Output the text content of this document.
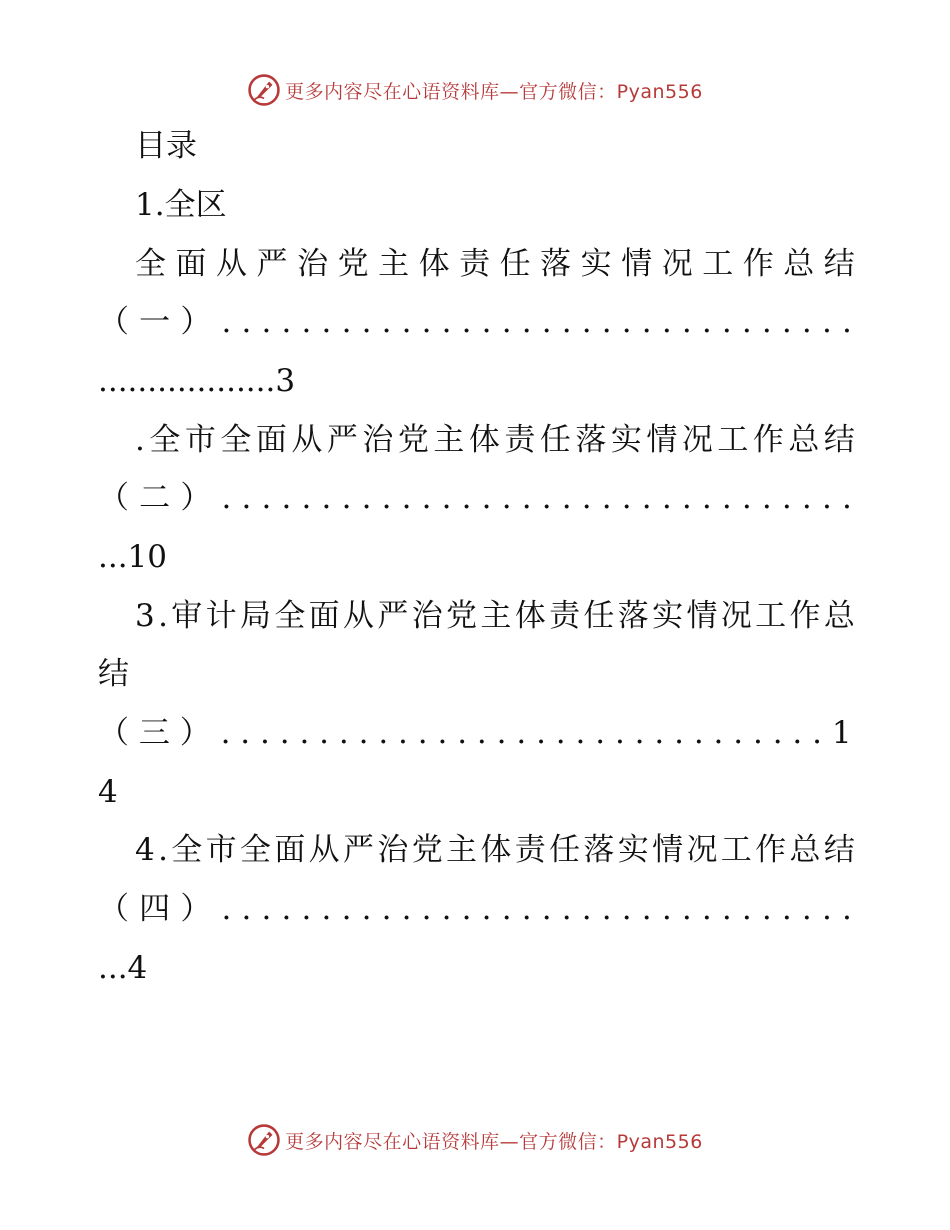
更多内容尽在心语资料库—官方微信：Pyan556
目录
1.全区
全 面 从 严 治 党 主 体 责 任 落 实 情 况 工 作 总 结
（ 一 ） . . . . . . . . . . . . . . . . . . . . . . . . . . . . . . . .
..................3
. 全 市 全 面 从 严 治 党 主 体 责 任 落 实 情 况 工 作 总 结
（ 二 ） . . . . . . . . . . . . . . . . . . . . . . . . . . . . . . . .
...10
3 . 审 计 局 全 面 从 严 治 党 主 体 责 任 落 实 情 况 工 作 总
结
（ 三 ） . . . . . . . . . . . . . . . . . . . . . . . . . . . . . . . 1
4
4 . 全 市 全 面 从 严 治 党 主 体 责 任 落 实 情 况 工 作 总 结
（ 四 ） . . . . . . . . . . . . . . . . . . . . . . . . . . . . . . . .
...4
更多内容尽在心语资料库—官方微信：Pyan556
